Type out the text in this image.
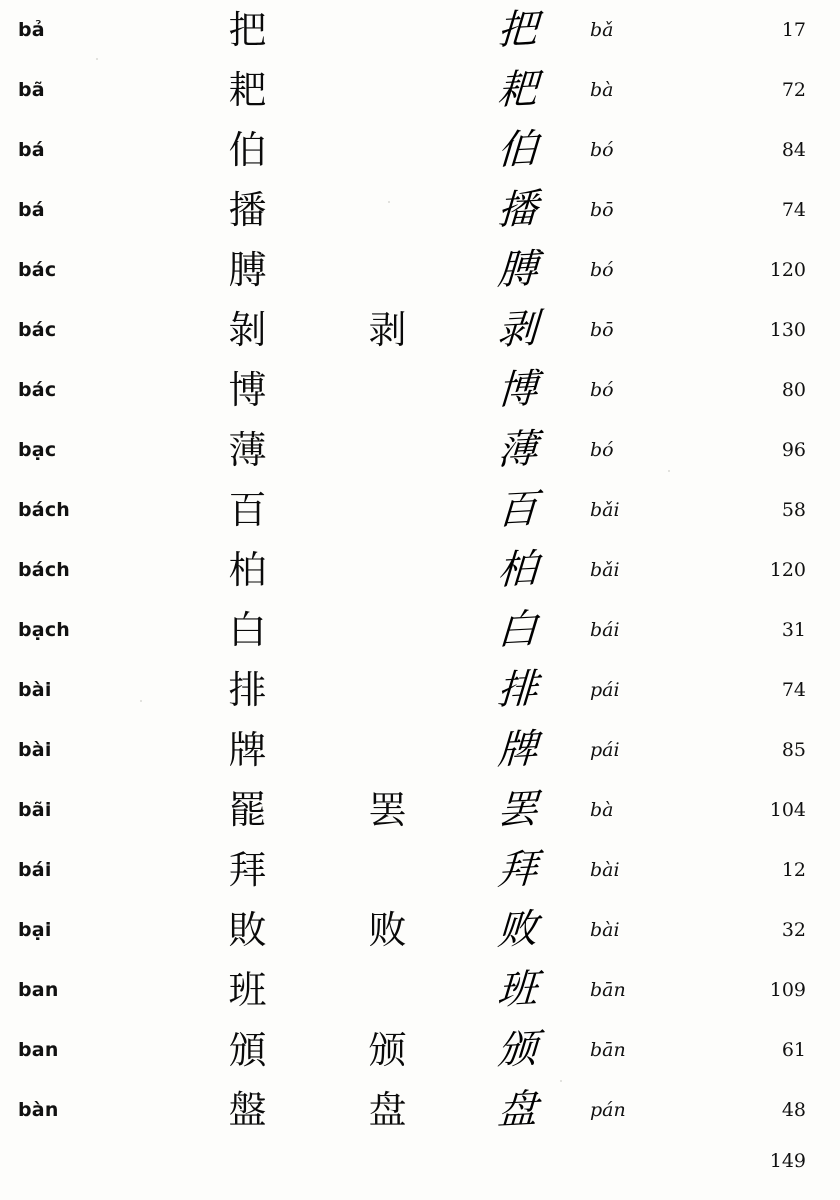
bả	把		把	bǎ	17
bã	耙		耙	bà	72
bá	伯		伯	bó	84
bá	播		播	bō	74
bác	膊		膊	bó	120
bác	剝	剥	剥	bō	130
bác	博		博	bó	80
bạc	薄		薄	bó	96
bách	百		百	bǎi	58
bách	柏		柏	bǎi	120
bạch	白		白	bái	31
bài	排		排	pái	74
bài	牌		牌	pái	85
bãi	罷	罢	罢	bà	104
bái	拜		拜	bài	12
bại	敗	败	败	bài	32
ban	班		班	bān	109
ban	頒	颁	颁	bān	61
bàn	盤	盘	盘	pán	48
149
